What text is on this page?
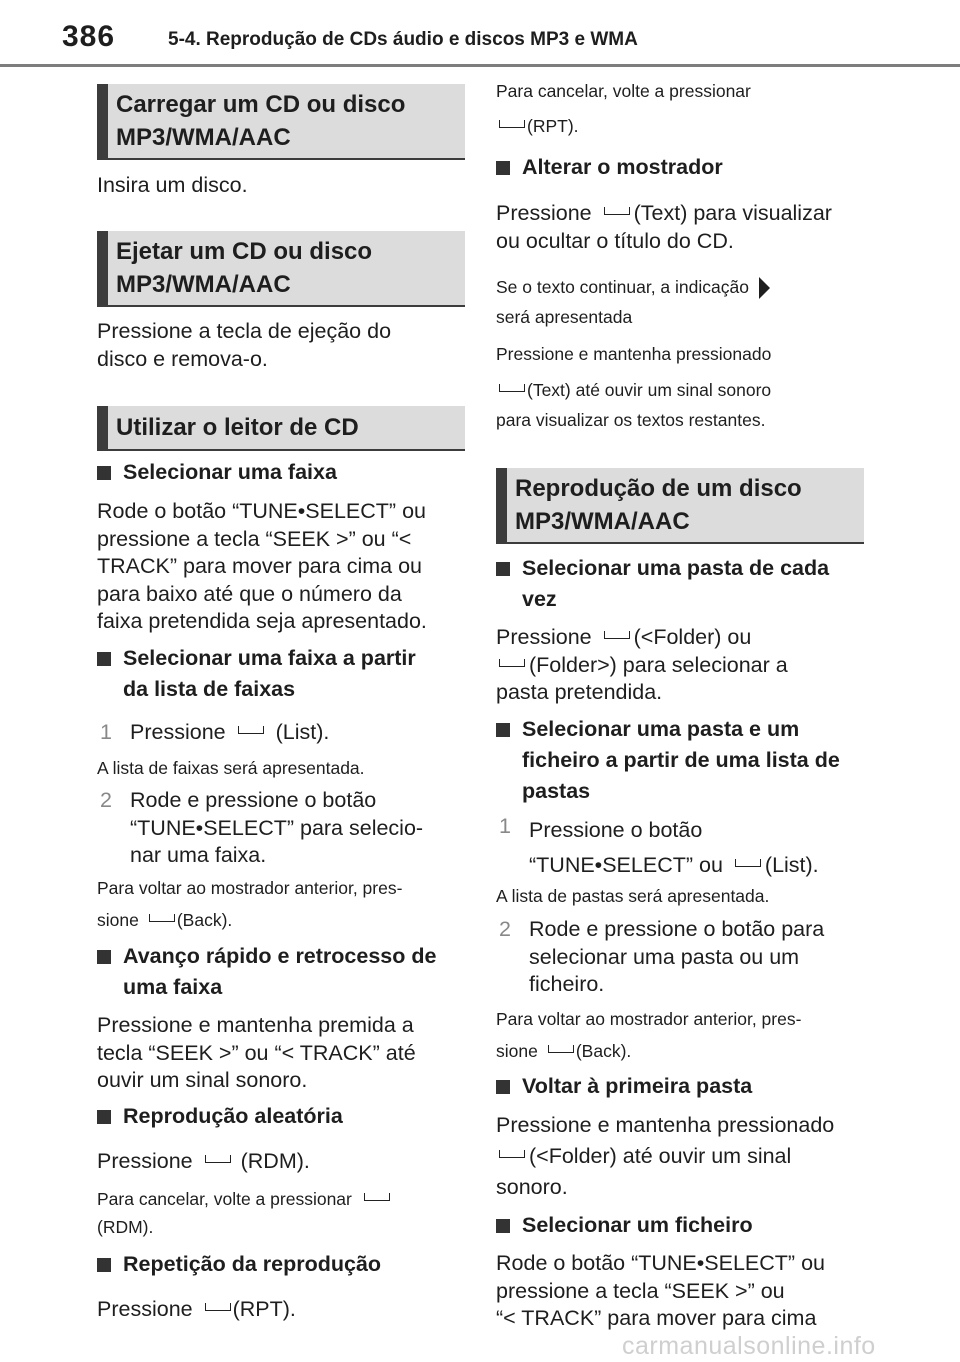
386	5-4. Reprodução de CDs áudio e discos MP3 e WMA
Carregar um CD ou disco
MP3/WMA/AAC
Insira um disco.
Ejetar um CD ou disco
MP3/WMA/AAC
Pressione a tecla de ejeção do
disco e remova-o.
Utilizar o leitor de CD
Selecionar uma faixa
Rode o botão “TUNE•SELECT” ou
pressione a tecla “SEEK >” ou “<
TRACK” para mover para cima ou
para baixo até que o número da
faixa pretendida seja apresentado.
Selecionar uma faixa a partir
da lista de faixas
1 Pressione (List).
A lista de faixas será apresentada.
2 Rode e pressione o botão
“TUNE•SELECT” para selecio-
nar uma faixa.
Para voltar ao mostrador anterior, pres-
sione (Back).
Avanço rápido e retrocesso de
uma faixa
Pressione e mantenha premida a
tecla “SEEK >” ou “< TRACK” até
ouvir um sinal sonoro.
Reprodução aleatória
Pressione (RDM).
Para cancelar, volte a pressionar
(RDM).
Repetição da reprodução
Pressione (RPT).
Para cancelar, volte a pressionar
(RPT).
Alterar o mostrador
Pressione (Text) para visualizar
ou ocultar o título do CD.
Se o texto continuar, a indicação
será apresentada
Pressione e mantenha pressionado
(Text) até ouvir um sinal sonoro
para visualizar os textos restantes.
Reprodução de um disco
MP3/WMA/AAC
Selecionar uma pasta de cada
vez
Pressione (<Folder) ou
(Folder>) para selecionar a
pasta pretendida.
Selecionar uma pasta e um
ficheiro a partir de uma lista de
pastas
1 Pressione o botão
“TUNE•SELECT” ou (List).
A lista de pastas será apresentada.
2 Rode e pressione o botão para
selecionar uma pasta ou um
ficheiro.
Para voltar ao mostrador anterior, pres-
sione (Back).
Voltar à primeira pasta
Pressione e mantenha pressionado
(<Folder) até ouvir um sinal
sonoro.
Selecionar um ficheiro
Rode o botão “TUNE•SELECT” ou
pressione a tecla “SEEK >” ou
“< TRACK” para mover para cima
carmanualsonline.info
